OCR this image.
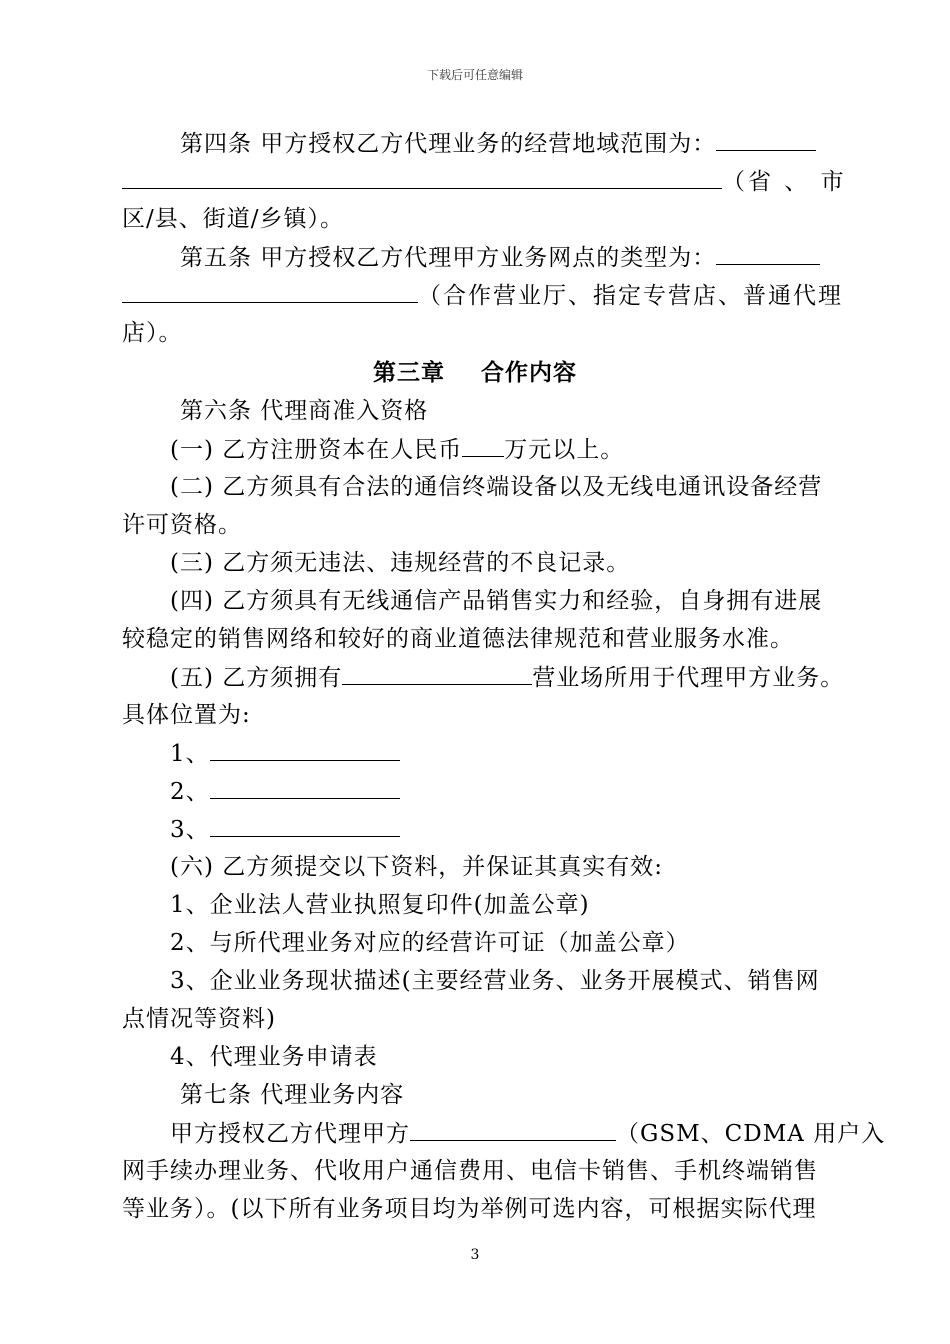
下载后可任意编辑
第四条 甲方授权乙方代理业务的经营地域范围为：
（省 、 市
区/县、街道/乡镇）。
第五条 甲方授权乙方代理甲方业务网点的类型为：
（合作营业厅、指定专营店、普通代理
店）。
第三章 合作内容
第六条 代理商准入资格
(一) 乙方注册资本在人民币 万元以上。
(二) 乙方须具有合法的通信终端设备以及无线电通讯设备经营
许可资格。
(三) 乙方须无违法、违规经营的不良记录。
(四) 乙方须具有无线通信产品销售实力和经验，自身拥有进展
较稳定的销售网络和较好的商业道德法律规范和营业服务水准。
(五) 乙方须拥有	营业场所用于代理甲方业务。
具体位置为:
1、
2、
3、
(六) 乙方须提交以下资料，并保证其真实有效:
1、企业法人营业执照复印件(加盖公章)
2、与所代理业务对应的经营许可证（加盖公章）
3、企业业务现状描述(主要经营业务、业务开展模式、销售网
点情况等资料)
4、代理业务申请表
第七条 代理业务内容
甲方授权乙方代理甲方	（GSM、CDMA 用户入
网手续办理业务、代收用户通信费用、电信卡销售、手机终端销售
等业务）。(以下所有业务项目均为举例可选内容，可根据实际代理
3
